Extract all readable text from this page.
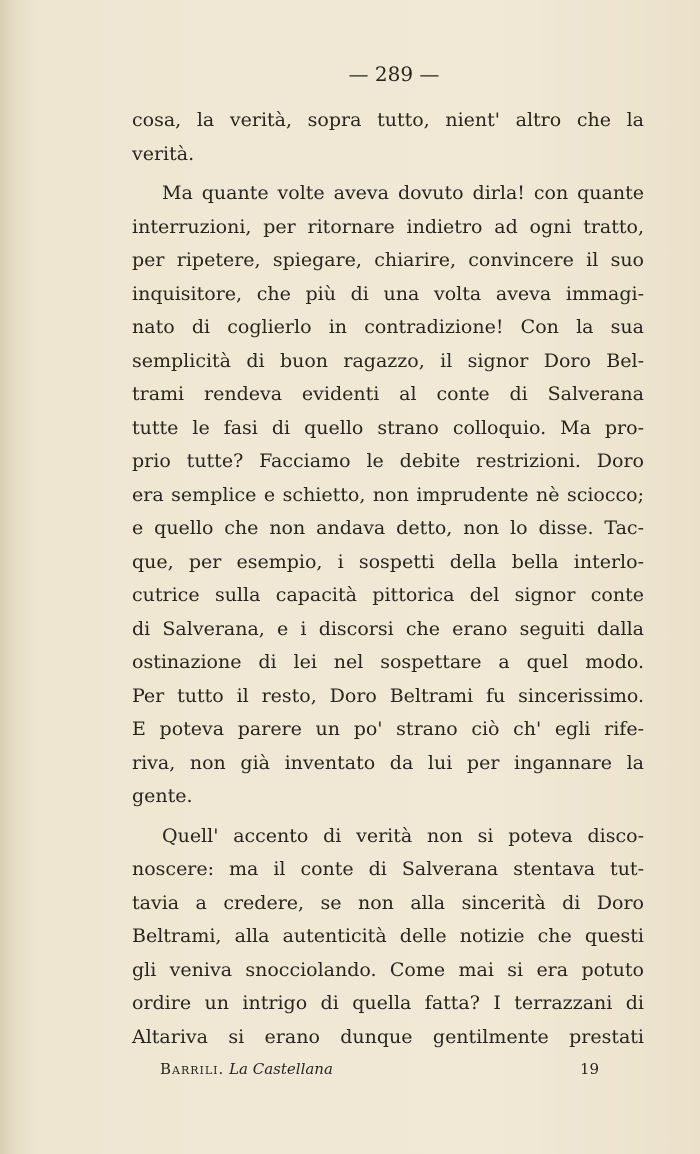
— 289 —
cosa, la verità, sopra tutto, nient' altro che la
verità.
Ma quante volte aveva dovuto dirla! con quante
interruzioni, per ritornare indietro ad ogni tratto,
per ripetere, spiegare, chiarire, convincere il suo
inquisitore, che più di una volta aveva immagi-
nato di coglierlo in contradizione! Con la sua
semplicità di buon ragazzo, il signor Doro Bel-
trami rendeva evidenti al conte di Salverana
tutte le fasi di quello strano colloquio. Ma pro-
prio tutte? Facciamo le debite restrizioni. Doro
era semplice e schietto, non imprudente nè sciocco;
e quello che non andava detto, non lo disse. Tac-
que, per esempio, i sospetti della bella interlo-
cutrice sulla capacità pittorica del signor conte
di Salverana, e i discorsi che erano seguiti dalla
ostinazione di lei nel sospettare a quel modo.
Per tutto il resto, Doro Beltrami fu sincerissimo.
E poteva parere un po' strano ciò ch' egli rife-
riva, non già inventato da lui per ingannare la
gente.
Quell' accento di verità non si poteva disco-
noscere: ma il conte di Salverana stentava tut-
tavia a credere, se non alla sincerità di Doro
Beltrami, alla autenticità delle notizie che questi
gli veniva snocciolando. Come mai si era potuto
ordire un intrigo di quella fatta? I terrazzani di
Altariva si erano dunque gentilmente prestati
Barrili. La Castellana	19
